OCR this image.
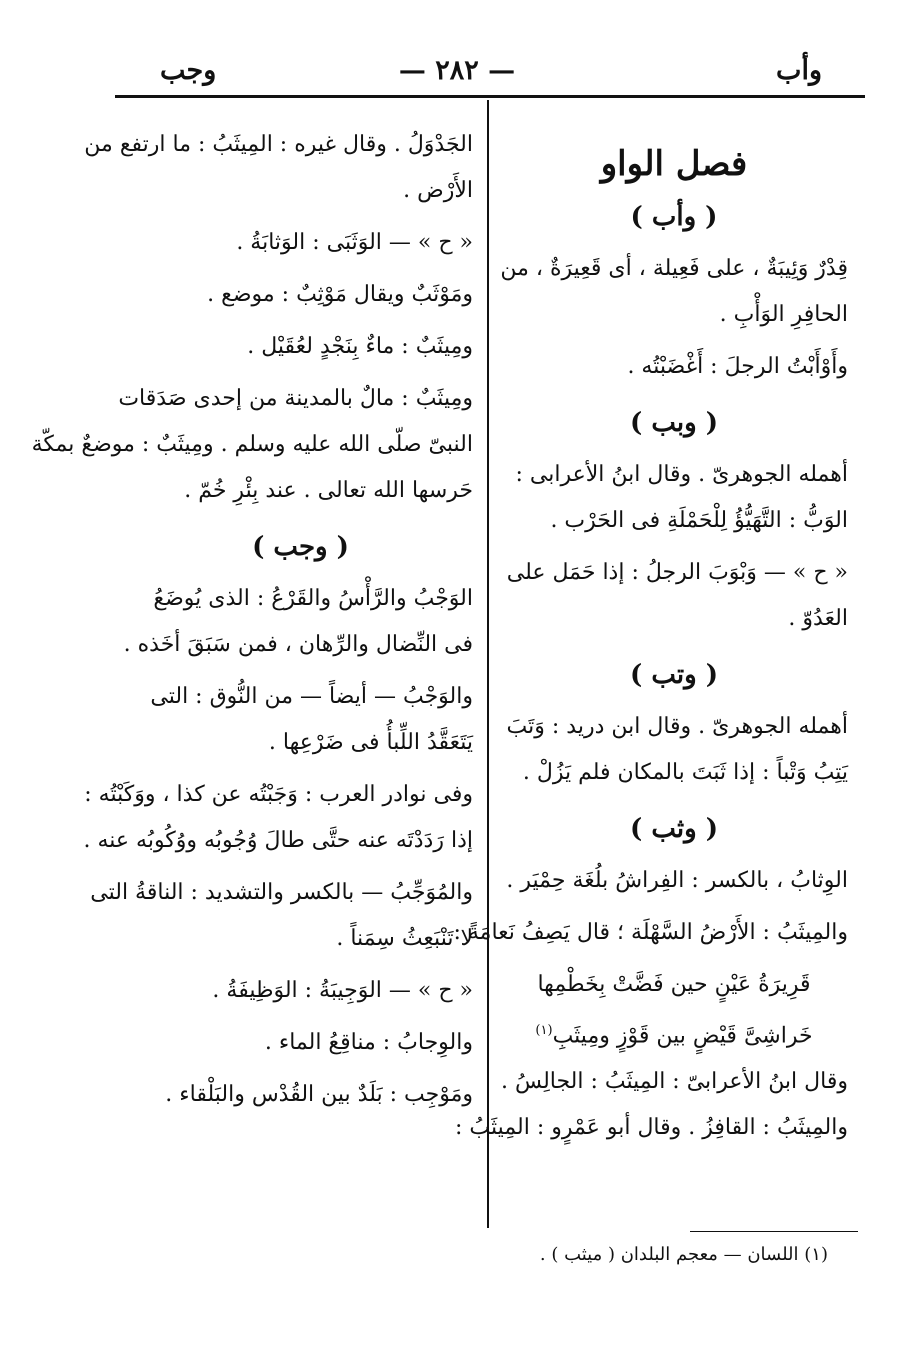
وأب
— ٢٨٢ —
وجب
فصل الواو
( وأب )
قِدْرٌ وَئِيبَةٌ ، على فَعِيلة ، أى قَعِيرَةٌ ، من
الحافِرِ الوَأْبِ .
وأَوْأَبْتُ الرجلَ : أَغْضَبْتُه .
( وبب )
أهمله الجوهرىّ . وقال ابنُ الأعرابى :
الوَبُّ : التَّهَيُّؤُ لِلْحَمْلَةِ فى الحَرْب .
« ح » — وَبْوَبَ الرجلُ : إذا حَمَل على
العَدُوّ .
( وتب )
أهمله الجوهرىّ . وقال ابن دريد : وَتَبَ
يَتِبُ وَتْباً : إذا ثَبَتَ بالمكان فلم يَزُلْ .
( وثب )
الوِثابُ ، بالكسر : الفِراشُ بلُغَة حِمْيَر .
والمِيثَبُ : الأَرْضُ السَّهْلَة ؛ قال يَصِفُ نَعامَةً :
قَرِيرَةُ عَيْنٍ حين فَضَّتْ بِخَطْمِها
خَراشِىَّ قَيْضٍ بين قَوْزٍ ومِيثَبِ$^{(١)}$
وقال ابنُ الأعرابىّ : المِيثَبُ : الجالِسُ .
والمِيثَبُ : القافِزُ . وقال أبو عَمْرٍو : المِيثَبُ :
الجَدْوَلُ . وقال غيره : المِيثَبُ : ما ارتفع من
الأَرْض .
« ح » — الوَثَبَى : الوَثابَةُ .
ومَوْثَبٌ ويقال مَوْثِبٌ : موضع .
ومِيثَبٌ : ماءٌ بِنَجْدٍ لعُقَيْل .
ومِيثَبٌ : مالٌ بالمدينة من إحدى صَدَقات
النبىّ صلّى الله عليه وسلم . ومِيثَبٌ : موضعٌ بمكّة
حَرسها الله تعالى . عند بِئْرِ خُمّ .
( وجب )
الوَجْبُ والرَّأْسُ والقَرْعُ : الذى يُوضَعُ
فى النِّضال والرِّهان ، فمن سَبَقَ أخَذه .
والوَجْبُ — أيضاً — من النُّوق : التى
يَتَعَقَّدُ اللِّبأُ فى ضَرْعِها .
وفى نوادر العرب : وَجَبْتُه عن كذا ، ووَكَبْتُه :
إذا رَدَدْتَه عنه حتَّى طالَ وُجُوبُه ووُكُوبُه عنه .
والمُوَجِّبُ — بالكسر والتشديد : الناقةُ التى
لا تَنْبَعِثُ سِمَناً .
« ح » — الوَجِيبَةُ : الوَظِيفَةُ .
والوِجابُ : مناقِعُ الماء .
ومَوْجِب : بَلَدٌ بين القُدْس والبَلْقاء .
(١) اللسان — معجم البلدان ( ميثب ) .
